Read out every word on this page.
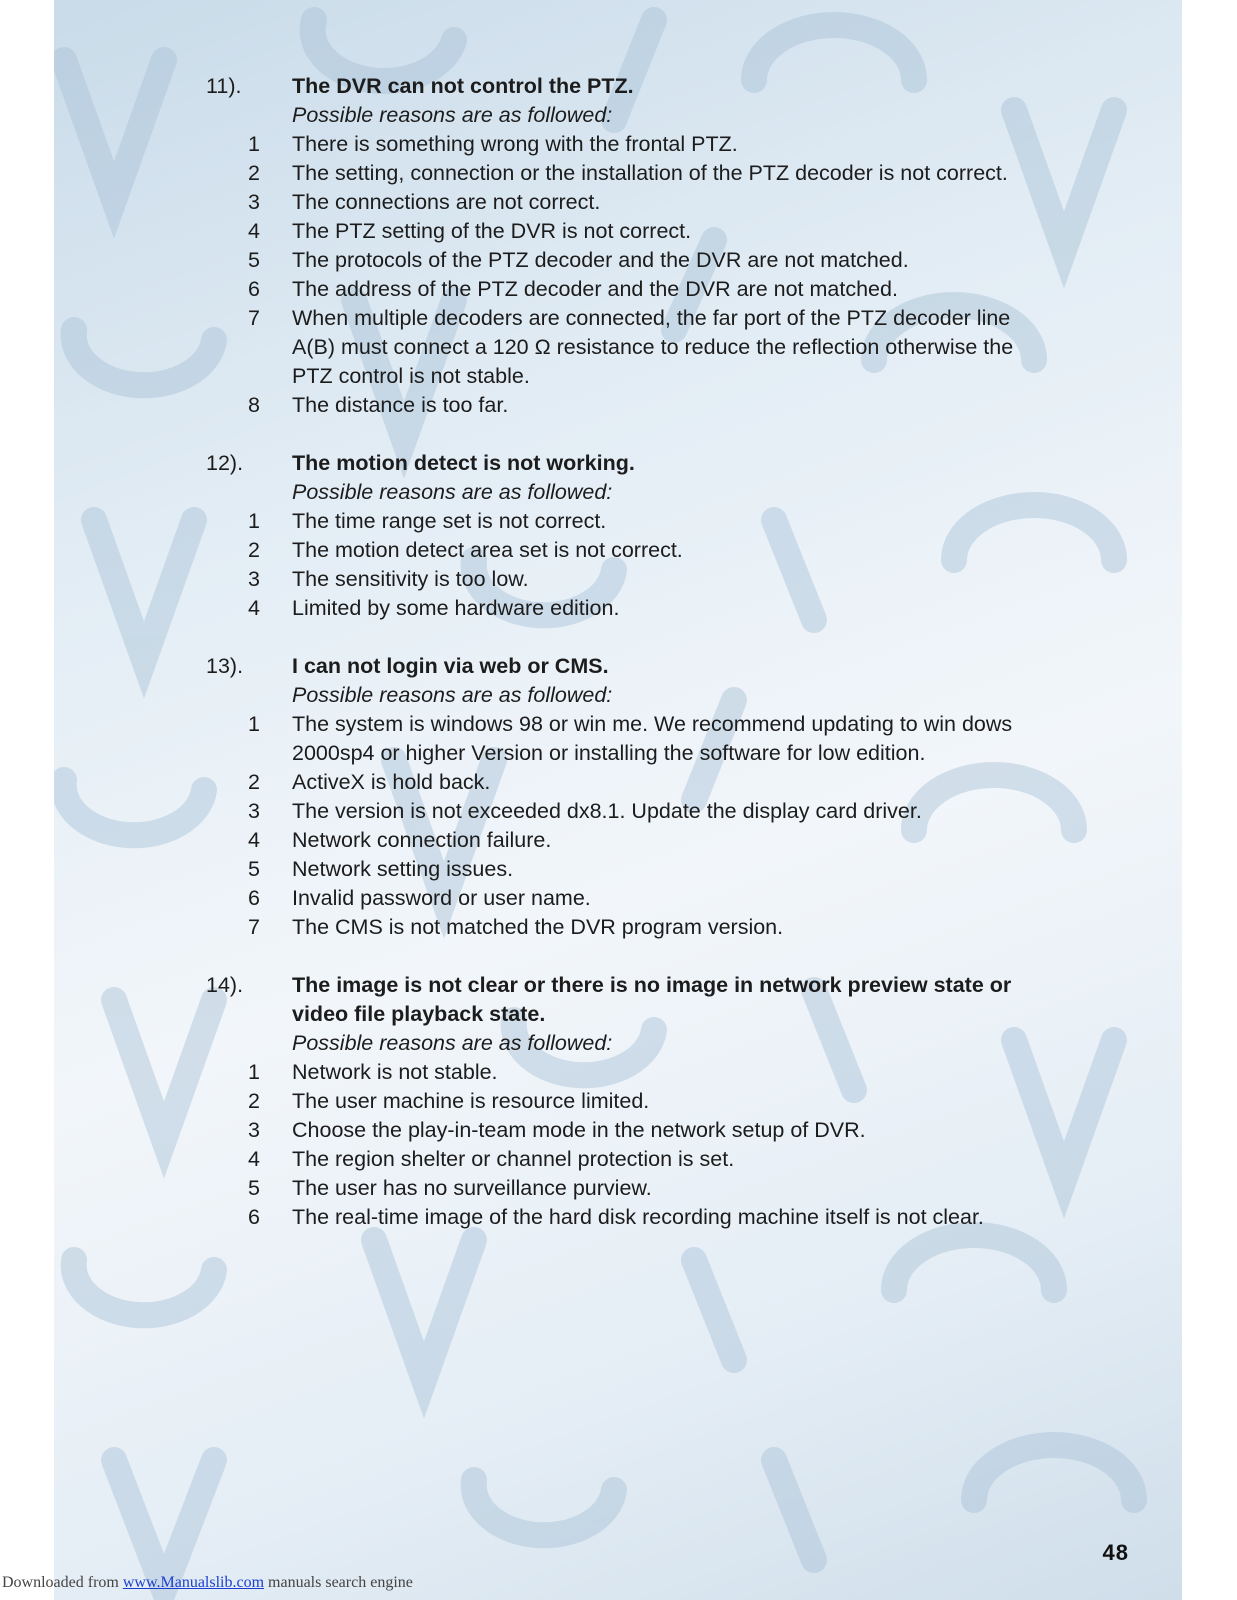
11).	The DVR can not control the PTZ.
Possible reasons are as followed:
1	There is something wrong with the frontal PTZ.
2	The setting, connection or the installation of the PTZ decoder is not correct.
3	The connections are not correct.
4	The PTZ setting of the DVR is not correct.
5	The protocols of the PTZ decoder and the DVR are not matched.
6	The address of the PTZ decoder and the DVR are not matched.
7	When multiple decoders are connected, the far port of the PTZ decoder line A(B) must connect a 120 Ω resistance to reduce the reflection otherwise the PTZ control is not stable.
8	The distance is too far.
12).	The motion detect is not working.
Possible reasons are as followed:
1	The time range set is not correct.
2	The motion detect area set is not correct.
3	The sensitivity is too low.
4	Limited by some hardware edition.
13).	I can not login via web or CMS.
Possible reasons are as followed:
1	The system is windows 98 or win me. We recommend updating to win dows 2000sp4 or higher Version or installing the software for low edition.
2	ActiveX is hold back.
3	The version is not exceeded dx8.1. Update the display card driver.
4	Network connection failure.
5	Network setting issues.
6	Invalid password or user name.
7	The CMS is not matched the DVR program version.
14).	The image is not clear or there is no image in network preview state or video file playback state.
Possible reasons are as followed:
1	Network is not stable.
2	The user machine is resource limited.
3	Choose the play-in-team mode in the network setup of DVR.
4	The region shelter or channel protection is set.
5	The user has no surveillance purview.
6	The real-time image of the hard disk recording machine itself is not clear.
48
Downloaded from www.Manualslib.com manuals search engine
